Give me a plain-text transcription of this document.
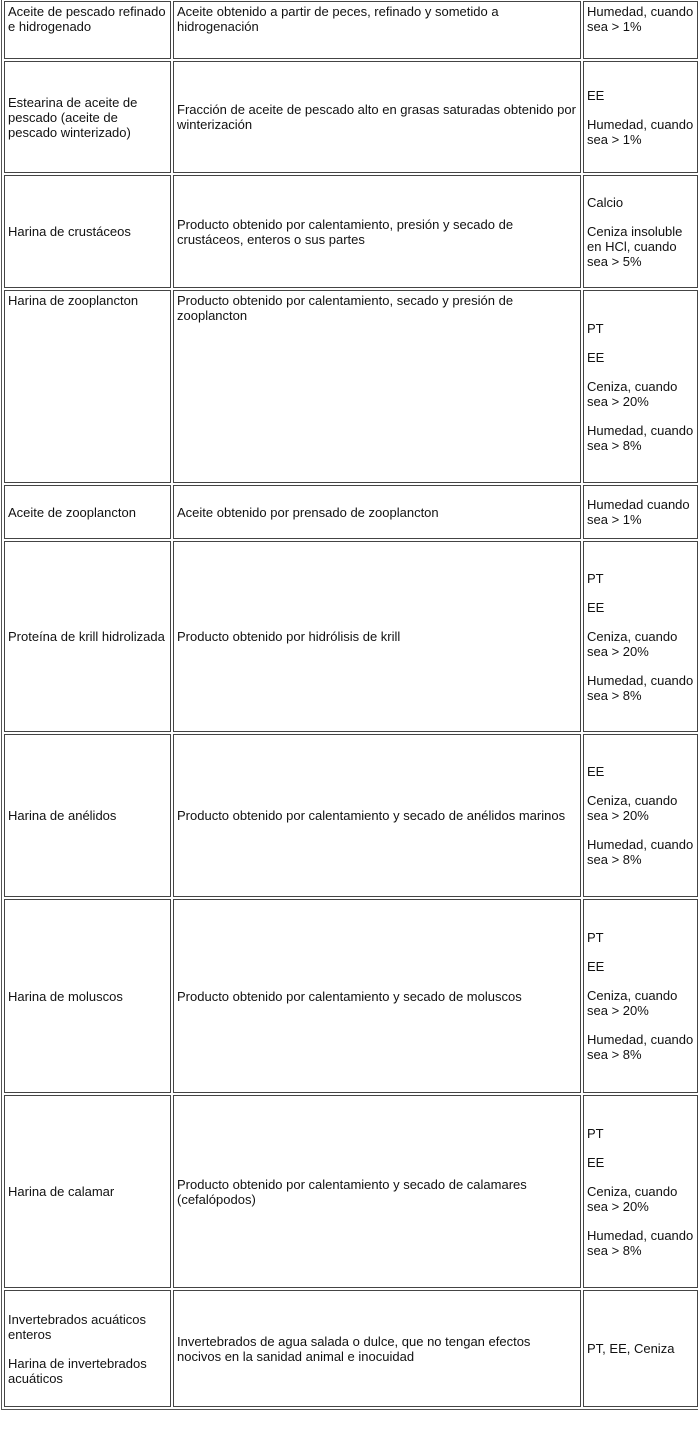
Aceite de pescado refinado e hidrogenado	Aceite obtenido a partir de peces, refinado y sometido a hidrogenación	Humedad, cuando sea > 1%

Estearina de aceite de pescado (aceite de pescado winterizado)	Fracción de aceite de pescado alto en grasas saturadas obtenido por winterización	EE
Humedad, cuando sea > 1%

Harina de crustáceos	Producto obtenido por calentamiento, presión y secado de crustáceos, enteros o sus partes	Calcio
Ceniza insoluble en HCl, cuando sea > 5%

Harina de zooplancton	Producto obtenido por calentamiento, secado y presión de zooplancton	PT
EE
Ceniza, cuando sea > 20%
Humedad, cuando sea > 8%

Aceite de zooplancton	Aceite obtenido por prensado de zooplancton	Humedad cuando sea > 1%

Proteína de krill hidrolizada	Producto obtenido por hidrólisis de krill	PT
EE
Ceniza, cuando sea > 20%
Humedad, cuando sea > 8%

Harina de anélidos	Producto obtenido por calentamiento y secado de anélidos marinos	EE
Ceniza, cuando sea > 20%
Humedad, cuando sea > 8%

Harina de moluscos	Producto obtenido por calentamiento y secado de moluscos	PT
EE
Ceniza, cuando sea > 20%
Humedad, cuando sea > 8%

Harina de calamar	Producto obtenido por calentamiento y secado de calamares (cefalópodos)	PT
EE
Ceniza, cuando sea > 20%
Humedad, cuando sea > 8%

Invertebrados acuáticos enteros
Harina de invertebrados acuáticos	Invertebrados de agua salada o dulce, que no tengan efectos nocivos en la sanidad animal e inocuidad	PT, EE, Ceniza
